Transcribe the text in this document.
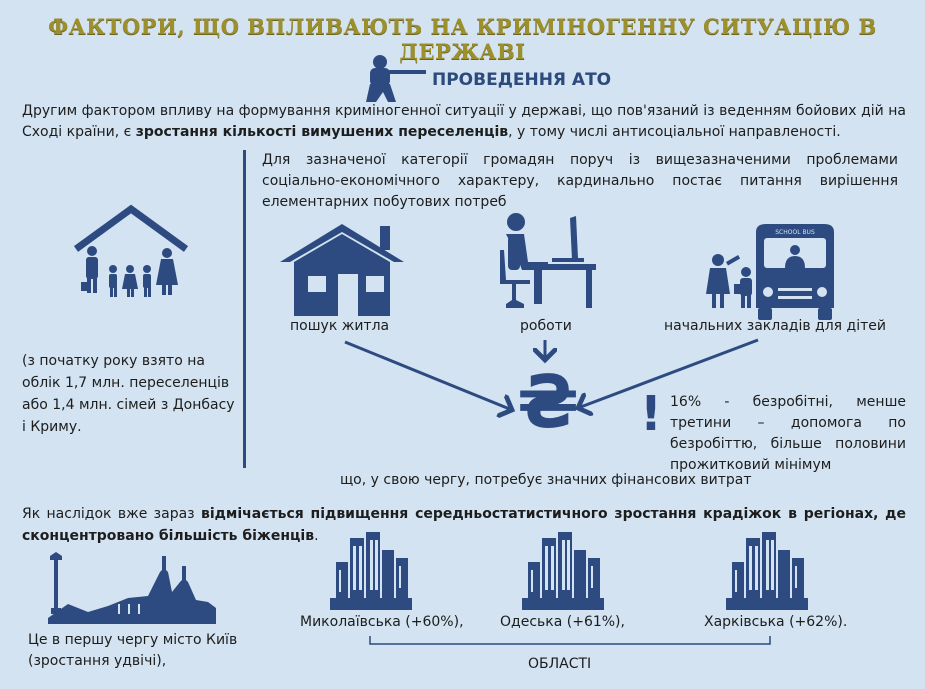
ФАКТОРИ, ЩО ВПЛИВАЮТЬ НА КРИМІНОГЕННУ СИТУАЦІЮ В ДЕРЖАВІ
ПРОВЕДЕННЯ АТО
Другим фактором впливу на формування криміногенної ситуації у державі, що пов'язаний із веденням бойових дій на Сході країни, є зростання кількості вимушених переселенців, у тому числі антисоціальної направленості.
(з початку року взято на облік 1,7 млн. переселенців або 1,4 млн. сімей з Донбасу і Криму.
Для зазначеної категорії громадян поруч із вищезазначеними проблемами соціально-економічного характеру, кардинально постає питання вирішення елементарних побутових потреб
пошук житла	роботи
SCHOOL BUS
начальних закладів для дітей
₴ ! 16% - безробітні, менше третини – допомога по безробіттю, більше половини прожитковий мінімум
що, у свою чергу, потребує значних фінансових витрат
Як наслідок вже зараз відмічається підвищення середньостатистичного зростання крадіжок в регіонах, де сконцентровано більшість біженців.
Це в першу чергу місто Київ (зростання удвічі),
Миколаївська (+60%),	Одеська (+61%),	Харківська (+62%).
ОБЛАСТІ
